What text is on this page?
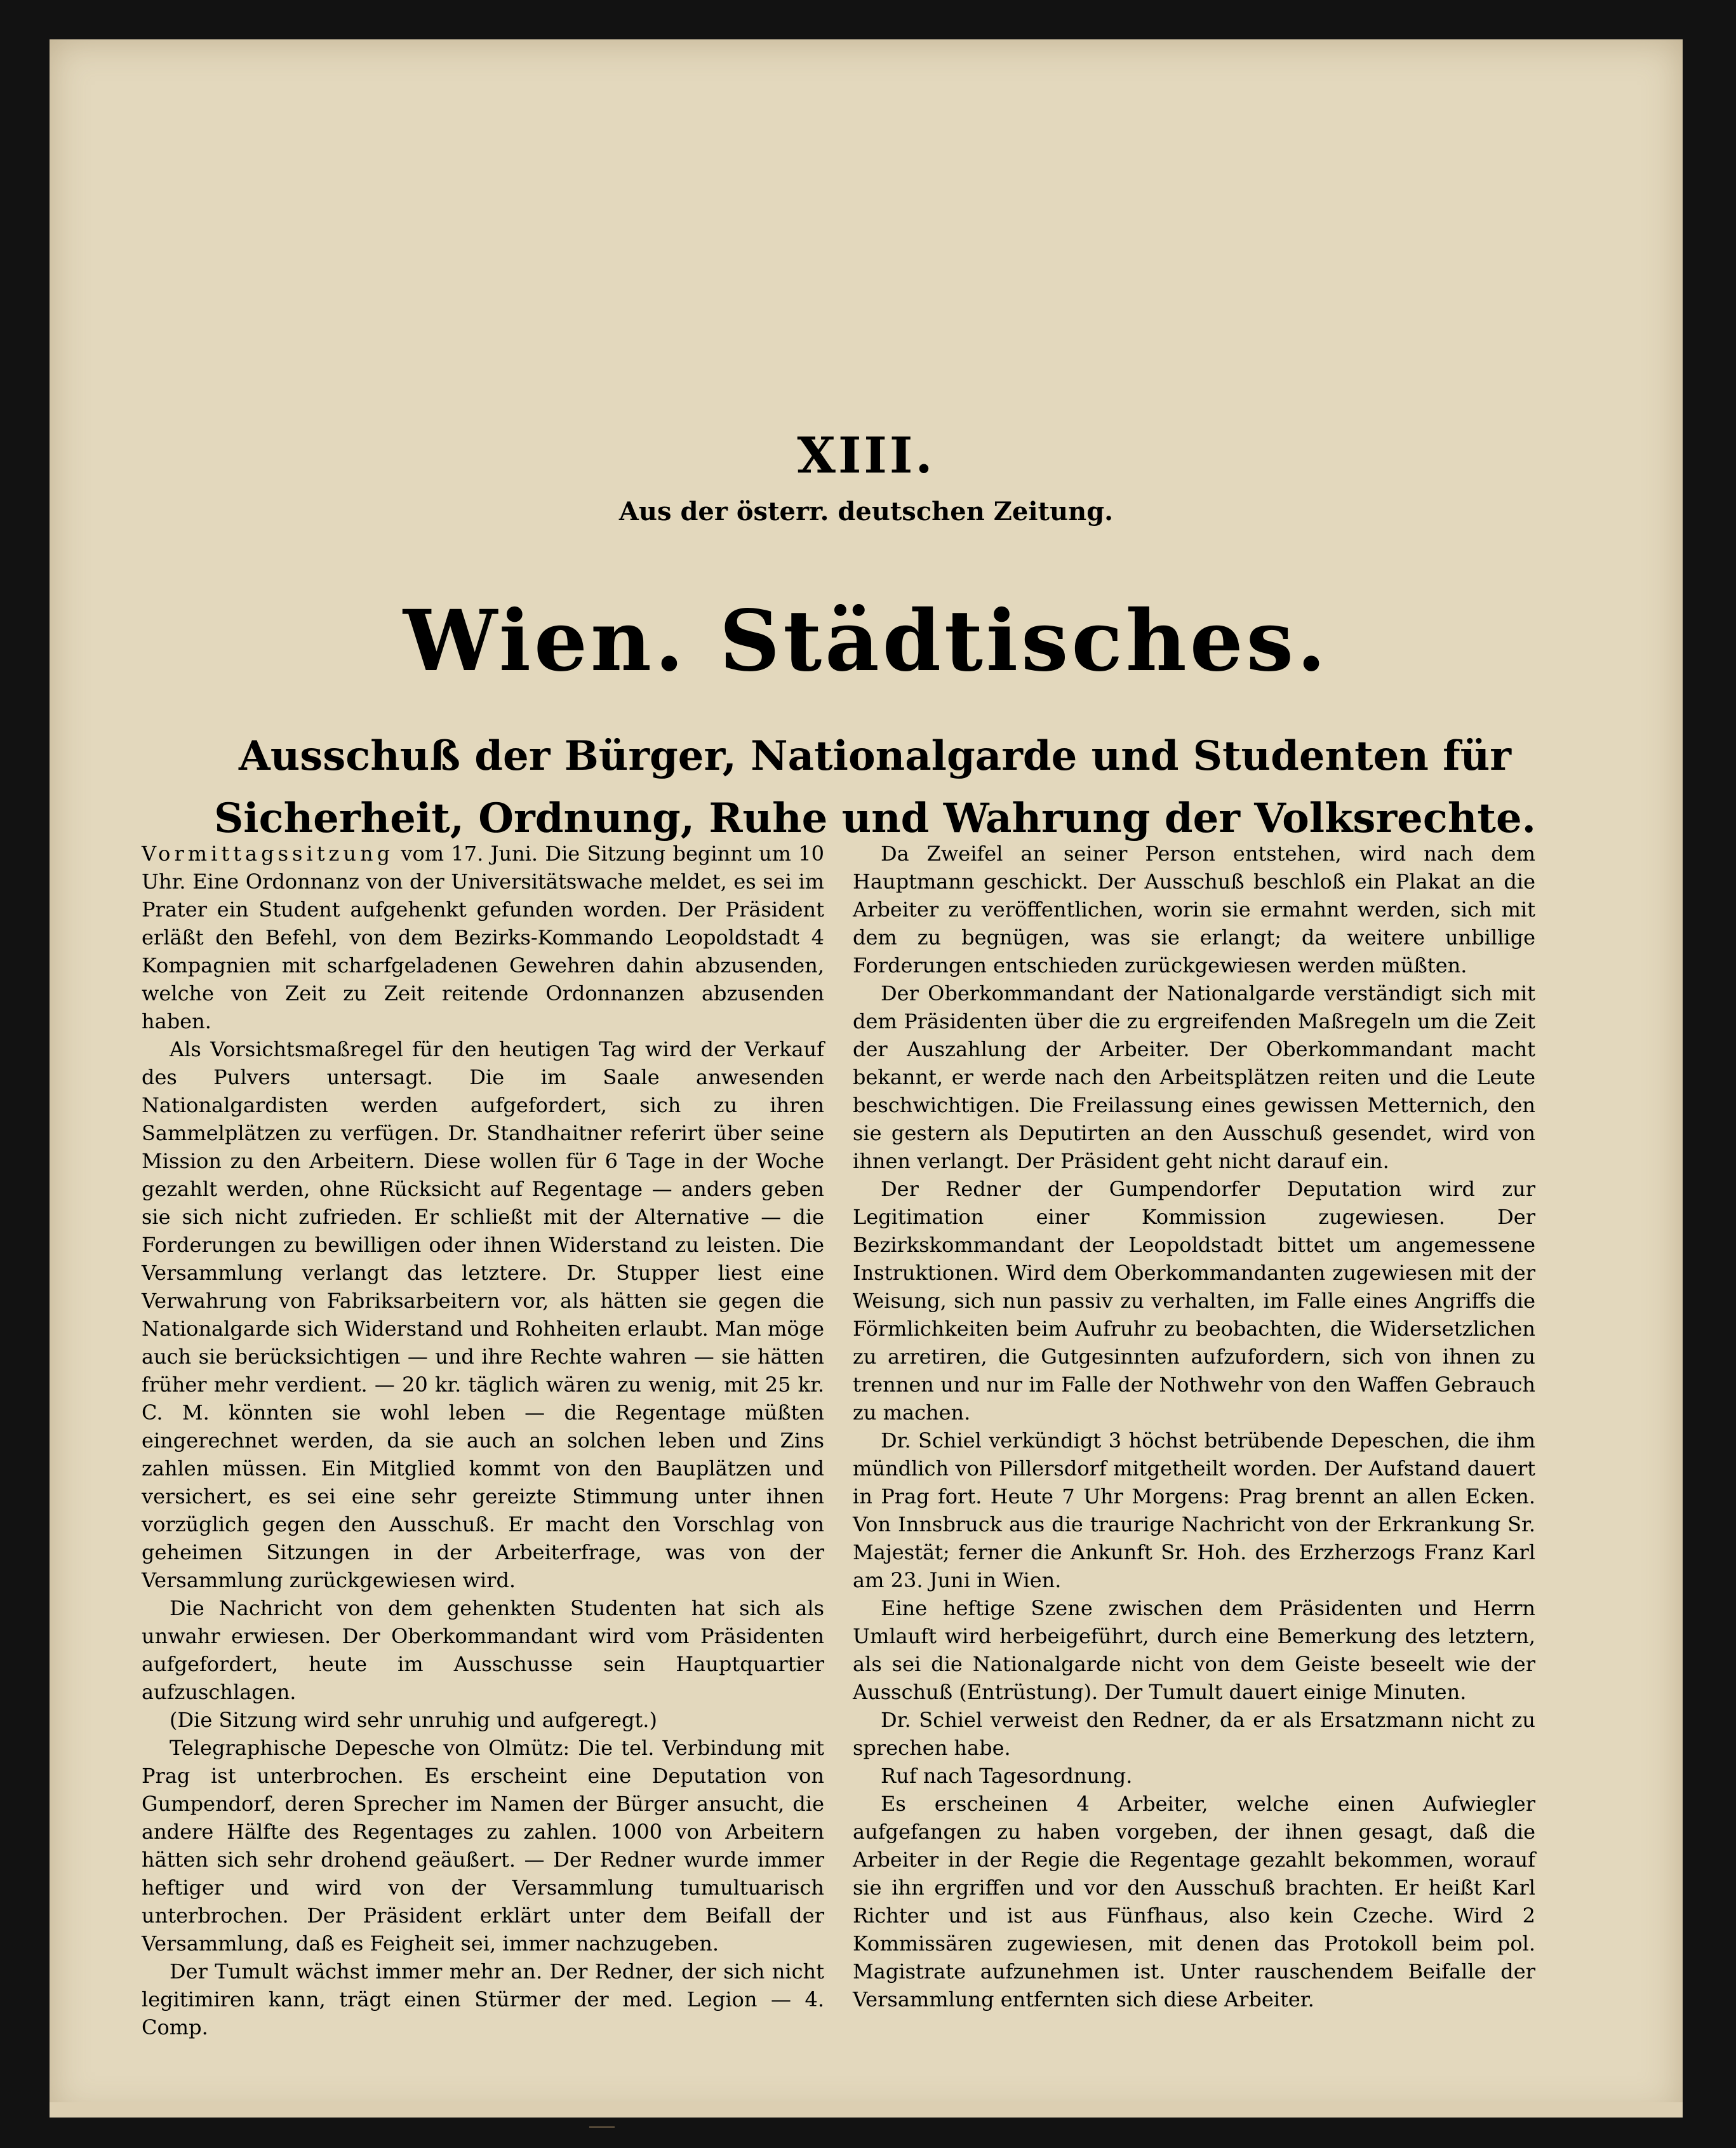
XIII.
Aus der österr. deutschen Zeitung.
Wien. Städtisches.
Ausschuß der Bürger, Nationalgarde und Studenten für Sicherheit, Ordnung, Ruhe und Wahrung der Volksrechte.

Vormittagssitzung vom 17. Juni. Die Sitzung beginnt um 10 Uhr. Eine Ordonnanz von der Universitätswache meldet, es sei im Prater ein Student aufgehenkt gefunden worden. Der Präsident erläßt den Befehl, von dem Bezirks-Kommando Leopoldstadt 4 Kompagnien mit scharfgeladenen Gewehren dahin abzusenden, welche von Zeit zu Zeit reitende Ordonnanzen abzusenden haben.

Als Vorsichtsmaßregel für den heutigen Tag wird der Verkauf des Pulvers untersagt. Die im Saale anwesenden Nationalgardisten werden aufgefordert, sich zu ihren Sammelplätzen zu verfügen. Dr. Standhaitner referirt über seine Mission zu den Arbeitern. Diese wollen für 6 Tage in der Woche gezahlt werden, ohne Rücksicht auf Regentage — anders geben sie sich nicht zufrieden. Er schließt mit der Alternative — die Forderungen zu bewilligen oder ihnen Widerstand zu leisten. Die Versammlung verlangt das letztere. Dr. Stupper liest eine Verwahrung von Fabriksarbeitern vor, als hätten sie gegen die Nationalgarde sich Widerstand und Rohheiten erlaubt. Man möge auch sie berücksichtigen — und ihre Rechte wahren — sie hätten früher mehr verdient. — 20 kr. täglich wären zu wenig, mit 25 kr. C. M. könnten sie wohl leben — die Regentage müßten eingerechnet werden, da sie auch an solchen leben und Zins zahlen müssen. Ein Mitglied kommt von den Bauplätzen und versichert, es sei eine sehr gereizte Stimmung unter ihnen vorzüglich gegen den Ausschuß. Er macht den Vorschlag von geheimen Sitzungen in der Arbeiterfrage, was von der Versammlung zurückgewiesen wird.

Die Nachricht von dem gehenkten Studenten hat sich als unwahr erwiesen. Der Oberkommandant wird vom Präsidenten aufgefordert, heute im Ausschusse sein Hauptquartier aufzuschlagen.

(Die Sitzung wird sehr unruhig und aufgeregt.)

Telegraphische Depesche von Olmütz: Die tel. Verbindung mit Prag ist unterbrochen. Es erscheint eine Deputation von Gumpendorf, deren Sprecher im Namen der Bürger ansucht, die andere Hälfte des Regentages zu zahlen. 1000 von Arbeitern hätten sich sehr drohend geäußert. — Der Redner wurde immer heftiger und wird von der Versammlung tumultuarisch unterbrochen. Der Präsident erklärt unter dem Beifall der Versammlung, daß es Feigheit sei, immer nachzugeben.

Der Tumult wächst immer mehr an. Der Redner, der sich nicht legitimiren kann, trägt einen Stürmer der med. Legion — 4. Comp.

Da Zweifel an seiner Person entstehen, wird nach dem Hauptmann geschickt. Der Ausschuß beschloß ein Plakat an die Arbeiter zu veröffentlichen, worin sie ermahnt werden, sich mit dem zu begnügen, was sie erlangt; da weitere unbillige Forderungen entschieden zurückgewiesen werden müßten.

Der Oberkommandant der Nationalgarde verständigt sich mit dem Präsidenten über die zu ergreifenden Maßregeln um die Zeit der Auszahlung der Arbeiter. Der Oberkommandant macht bekannt, er werde nach den Arbeitsplätzen reiten und die Leute beschwichtigen. Die Freilassung eines gewissen Metternich, den sie gestern als Deputirten an den Ausschuß gesendet, wird von ihnen verlangt. Der Präsident geht nicht darauf ein.

Der Redner der Gumpendorfer Deputation wird zur Legitimation einer Kommission zugewiesen. Der Bezirkskommandant der Leopoldstadt bittet um angemessene Instruktionen. Wird dem Oberkommandanten zugewiesen mit der Weisung, sich nun passiv zu verhalten, im Falle eines Angriffs die Förmlichkeiten beim Aufruhr zu beobachten, die Widersetzlichen zu arretiren, die Gutgesinnten aufzufordern, sich von ihnen zu trennen und nur im Falle der Nothwehr von den Waffen Gebrauch zu machen.

Dr. Schiel verkündigt 3 höchst betrübende Depeschen, die ihm mündlich von Pillersdorf mitgetheilt worden. Der Aufstand dauert in Prag fort. Heute 7 Uhr Morgens: Prag brennt an allen Ecken. Von Innsbruck aus die traurige Nachricht von der Erkrankung Sr. Majestät; ferner die Ankunft Sr. Hoh. des Erzherzogs Franz Karl am 23. Juni in Wien.

Eine heftige Szene zwischen dem Präsidenten und Herrn Umlauft wird herbeigeführt, durch eine Bemerkung des letztern, als sei die Nationalgarde nicht von dem Geiste beseelt wie der Ausschuß (Entrüstung). Der Tumult dauert einige Minuten.

Dr. Schiel verweist den Redner, da er als Ersatzmann nicht zu sprechen habe.

Ruf nach Tagesordnung.

Es erscheinen 4 Arbeiter, welche einen Aufwiegler aufgefangen zu haben vorgeben, der ihnen gesagt, daß die Arbeiter in der Regie die Regentage gezahlt bekommen, worauf sie ihn ergriffen und vor den Ausschuß brachten. Er heißt Karl Richter und ist aus Fünfhaus, also kein Czeche. Wird 2 Kommissären zugewiesen, mit denen das Protokoll beim pol. Magistrate aufzunehmen ist. Unter rauschendem Beifalle der Versammlung entfernten sich diese Arbeiter.
